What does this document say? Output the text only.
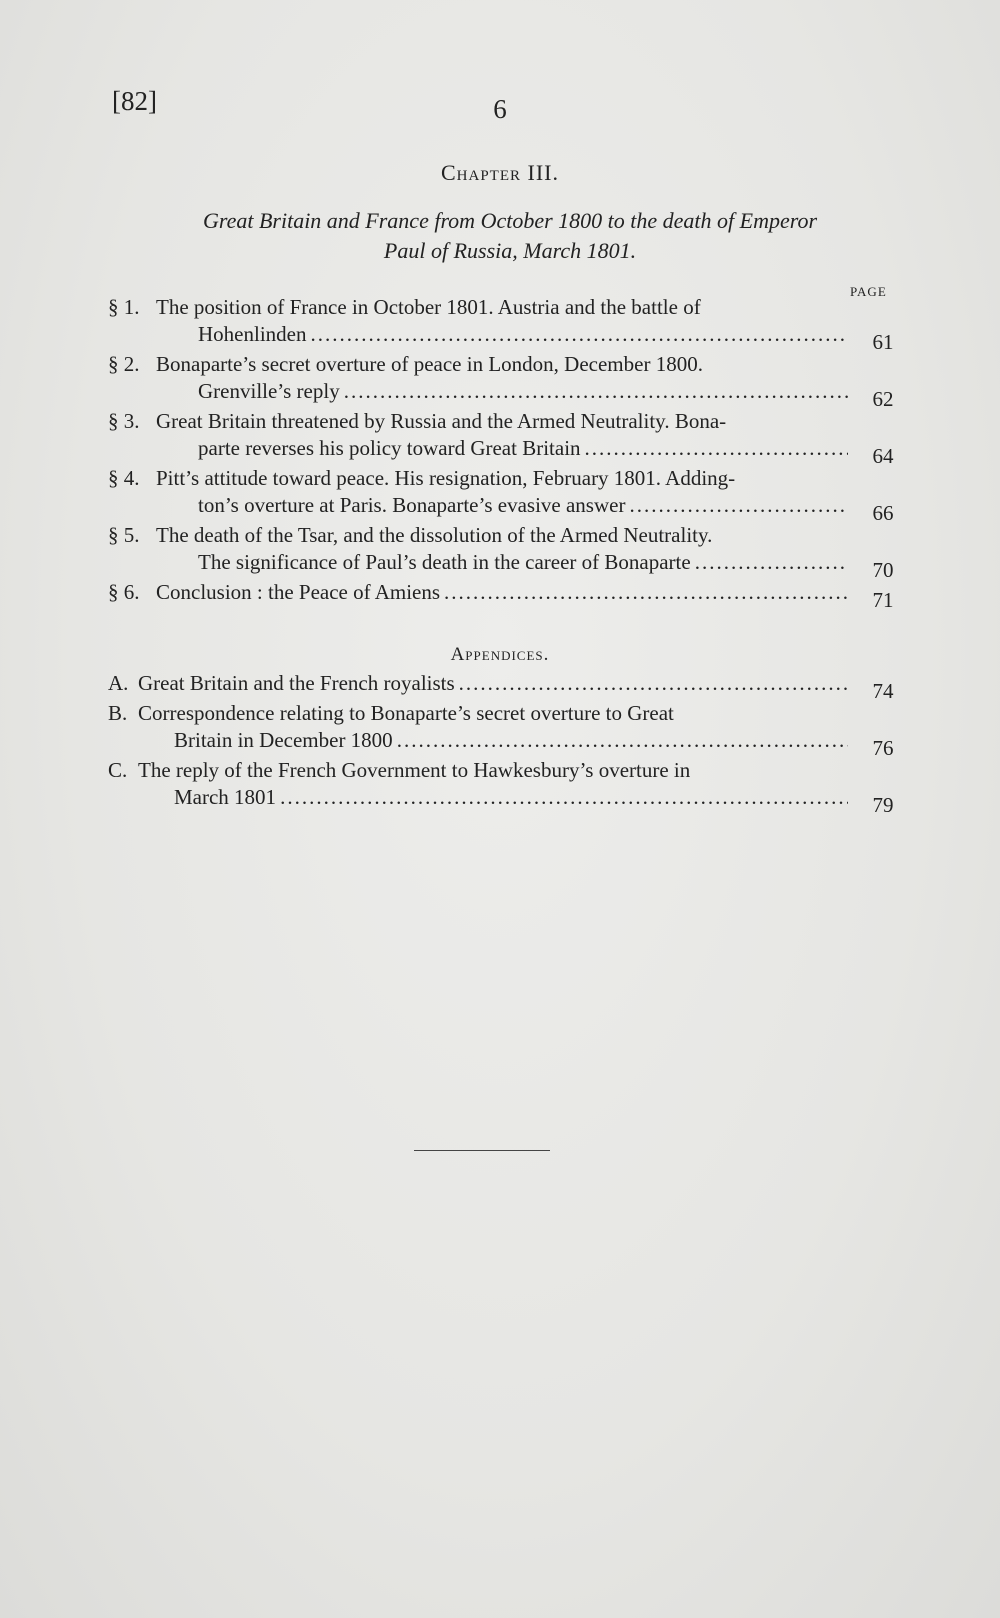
[82]	6
Chapter III.
Great Britain and France from October 1800 to the death of Emperor
Paul of Russia, March 1801.
PAGE
§ 1. The position of France in October 1801. Austria and the battle of
Hohenlinden .....	61
§ 2. Bonaparte’s secret overture of peace in London, December 1800.
Grenville’s reply .....	62
§ 3. Great Britain threatened by Russia and the Armed Neutrality. Bona-
parte reverses his policy toward Great Britain .....	64
§ 4. Pitt’s attitude toward peace. His resignation, February 1801. Adding-
ton’s overture at Paris. Bonaparte’s evasive answer .....	66
§ 5. The death of the Tsar, and the dissolution of the Armed Neutrality.
The significance of Paul’s death in the career of Bonaparte .....	70
§ 6. Conclusion : the Peace of Amiens .....	71
Appendices.
A. Great Britain and the French royalists .....	74
B. Correspondence relating to Bonaparte’s secret overture to Great
Britain in December 1800 .....	76
C. The reply of the French Government to Hawkesbury’s overture in
March 1801 .....	79
